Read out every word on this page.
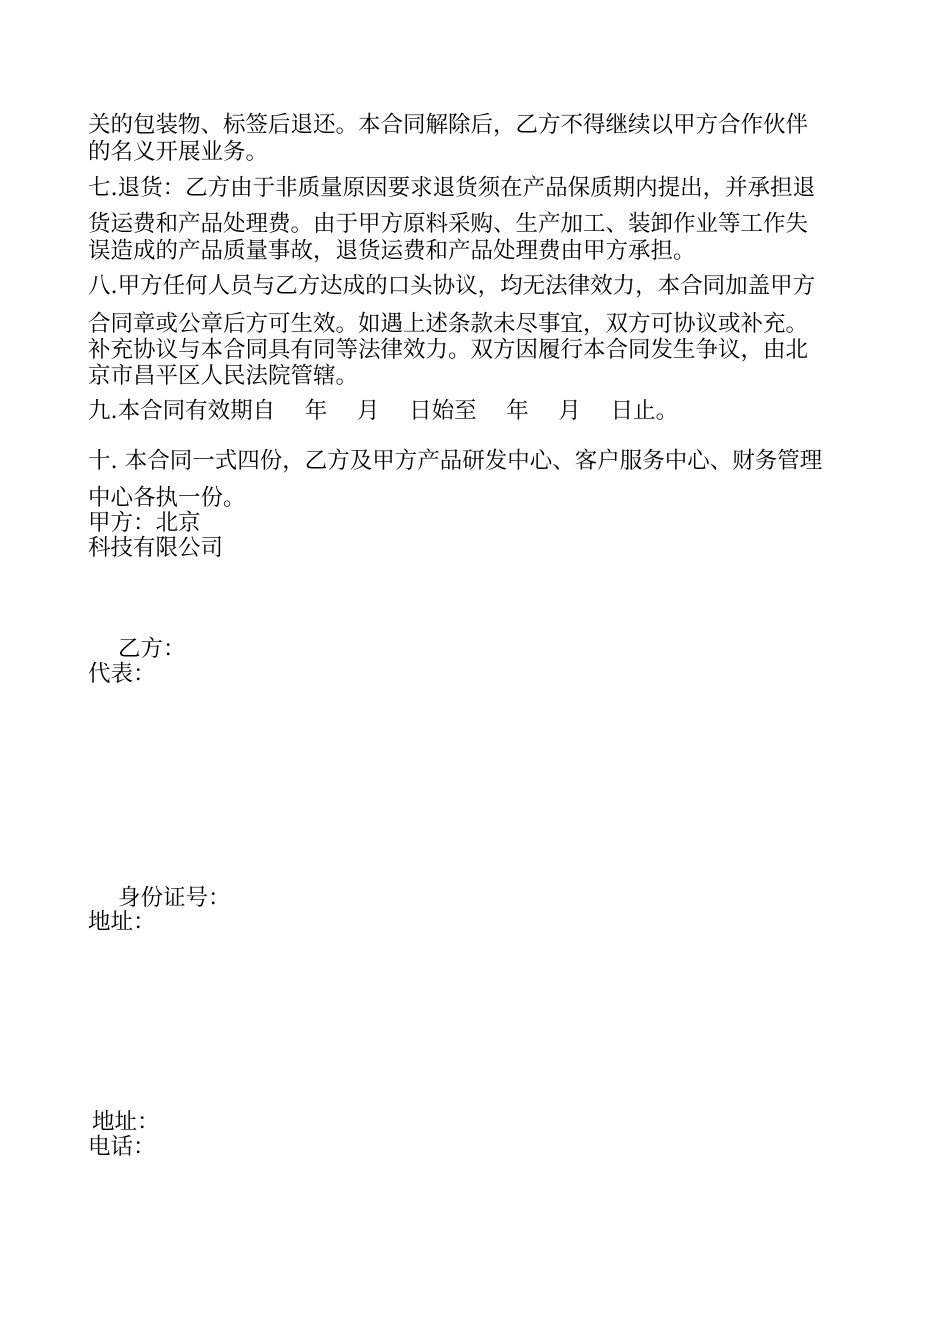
关的包装物、标签后退还。本合同解除后，乙方不得继续以甲方合作伙伴
的名义开展业务。
七.退货：乙方由于非质量原因要求退货须在产品保质期内提出，并承担退
货运费和产品处理费。由于甲方原料采购、生产加工、装卸作业等工作失
误造成的产品质量事故，退货运费和产品处理费由甲方承担。
八.甲方任何人员与乙方达成的口头协议，均无法律效力，本合同加盖甲方
合同章或公章后方可生效。如遇上述条款未尽事宜，双方可协议或补充。
补充协议与本合同具有同等法律效力。双方因履行本合同发生争议，由北
京市昌平区人民法院管辖。
九.本合同有效期自　 年　 月　 日始至　 年　 月　 日止。
十. 本合同一式四份，乙方及甲方产品研发中心、客户服务中心、财务管理
中心各执一份。
甲方：北京
科技有限公司
乙方：
代表：
身份证号：
地址：
地址：
电话：
